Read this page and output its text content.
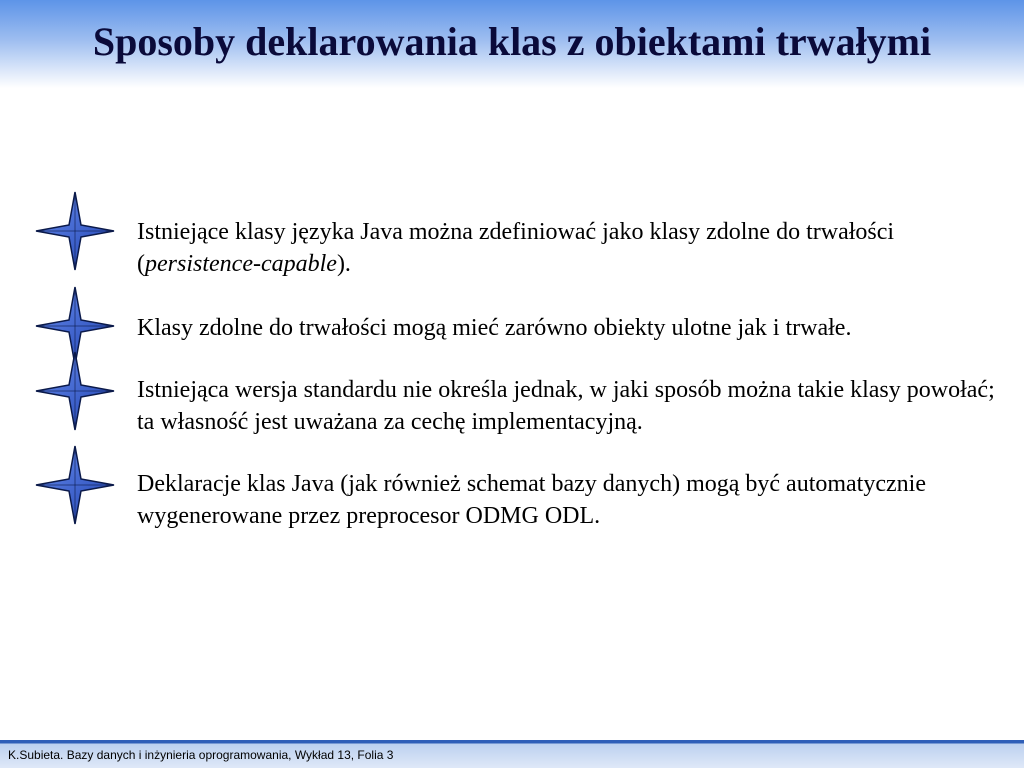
Sposoby deklarowania klas z obiektami trwałymi
Istniejące klasy języka Java można zdefiniować jako klasy zdolne do trwałości (persistence-capable).
Klasy zdolne do trwałości mogą mieć zarówno obiekty ulotne jak i trwałe.
Istniejąca wersja standardu nie określa jednak, w jaki sposób można takie klasy powołać; ta własność jest uważana za cechę implementacyjną.
Deklaracje klas Java (jak również schemat bazy danych) mogą być automatycznie wygenerowane przez preprocesor ODMG ODL.
K.Subieta. Bazy danych i inżynieria oprogramowania, Wykład 13, Folia 3
